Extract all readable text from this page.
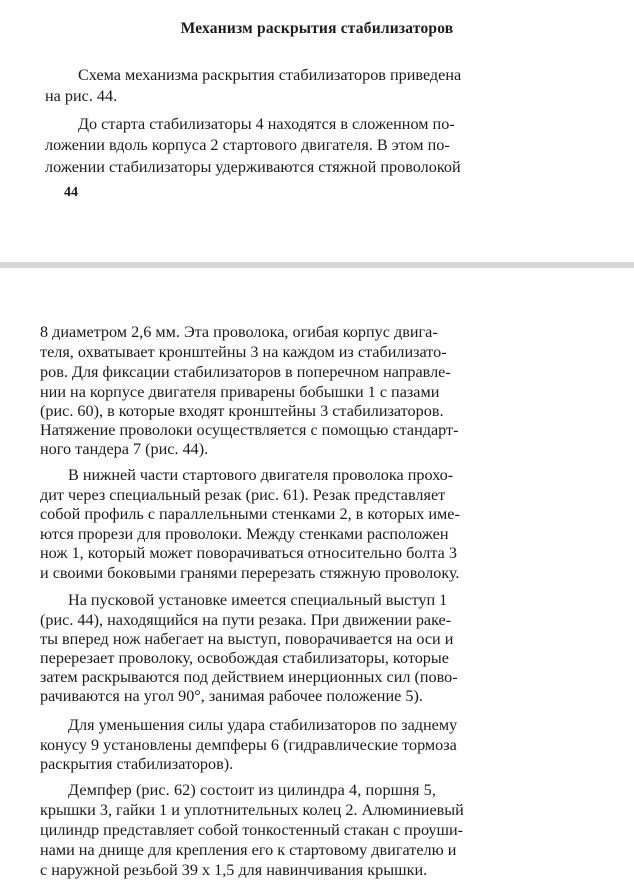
Механизм раскрытия стабилизаторов
Схема механизма раскрытия стабилизаторов приведена
на рис. 44.
До старта стабилизаторы 4 находятся в сложенном по-
ложении вдоль корпуса 2 стартового двигателя. В этом по-
ложении стабилизаторы удерживаются стяжной проволокой
44
8 диаметром 2,6 мм. Эта проволока, огибая корпус двига-
теля, охватывает кронштейны 3 на каждом из стабилизато-
ров. Для фиксации стабилизаторов в поперечном направле-
нии на корпусе двигателя приварены бобышки 1 с пазами
(рис. 60), в которые входят кронштейны 3 стабилизаторов.
Натяжение проволоки осуществляется с помощью стандарт-
ного тандера 7 (рис. 44).
В нижней части стартового двигателя проволока прохо-
дит через специальный резак (рис. 61). Резак представляет
собой профиль с параллельными стенками 2, в которых име-
ются прорези для проволоки. Между стенками расположен
нож 1, который может поворачиваться относительно болта 3
и своими боковыми гранями перерезать стяжную проволоку.
На пусковой установке имеется специальный выступ 1
(рис. 44), находящийся на пути резака. При движении раке-
ты вперед нож набегает на выступ, поворачивается на оси и
перерезает проволоку, освобождая стабилизаторы, которые
затем раскрываются под действием инерционных сил (пово-
рачиваются на угол 90°, занимая рабочее положение 5).
Для уменьшения силы удара стабилизаторов по заднему
конусу 9 установлены демпферы 6 (гидравлические тормоза
раскрытия стабилизаторов).
Демпфер (рис. 62) состоит из цилиндра 4, поршня 5,
крышки 3, гайки 1 и уплотнительных колец 2. Алюминиевый
цилиндр представляет собой тонкостенный стакан с проуши-
нами на днище для крепления его к стартовому двигателю и
с наружной резьбой 39 х 1,5 для навинчивания крышки.
